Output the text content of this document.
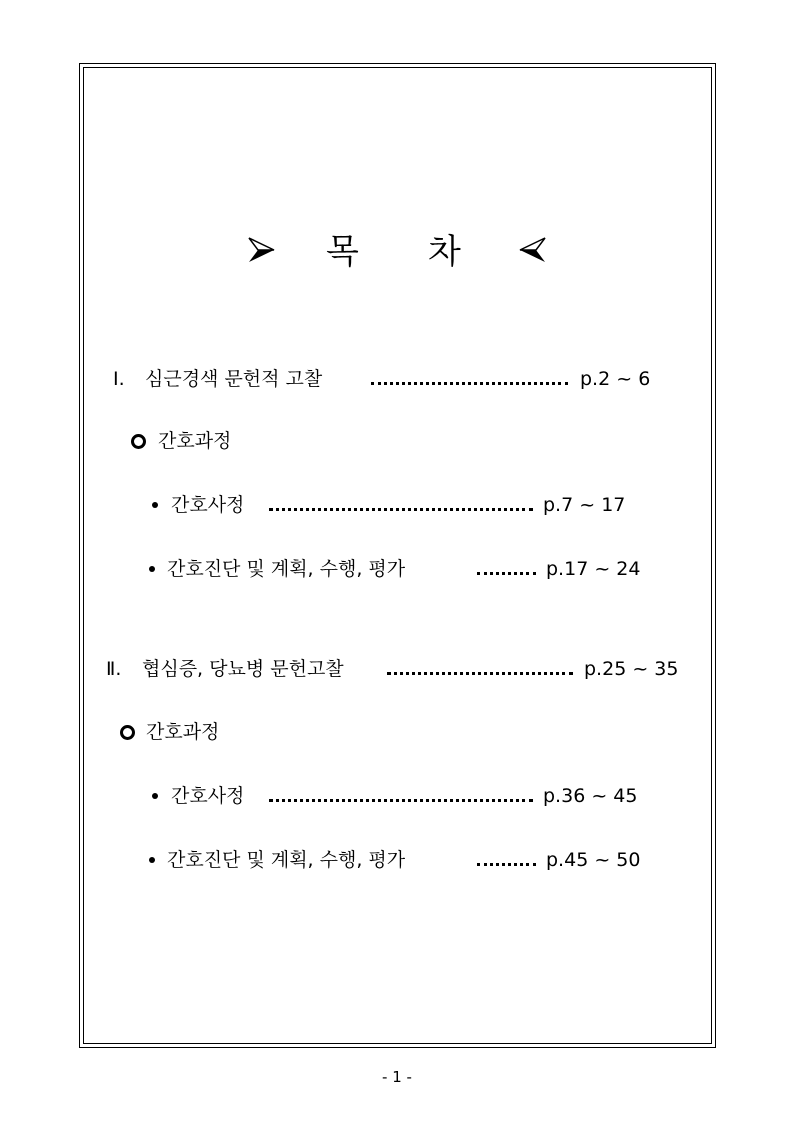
목 차
Ⅰ. 심근경색 문헌적 고찰	p.2 ~ 6
간호과정
간호사정	p.7 ~ 17
간호진단 및 계획, 수행, 평가	p.17 ~ 24
Ⅱ. 협심증, 당뇨병 문헌고찰	p.25 ~ 35
간호과정
간호사정	p.36 ~ 45
간호진단 및 계획, 수행, 평가	p.45 ~ 50
- 1 -
